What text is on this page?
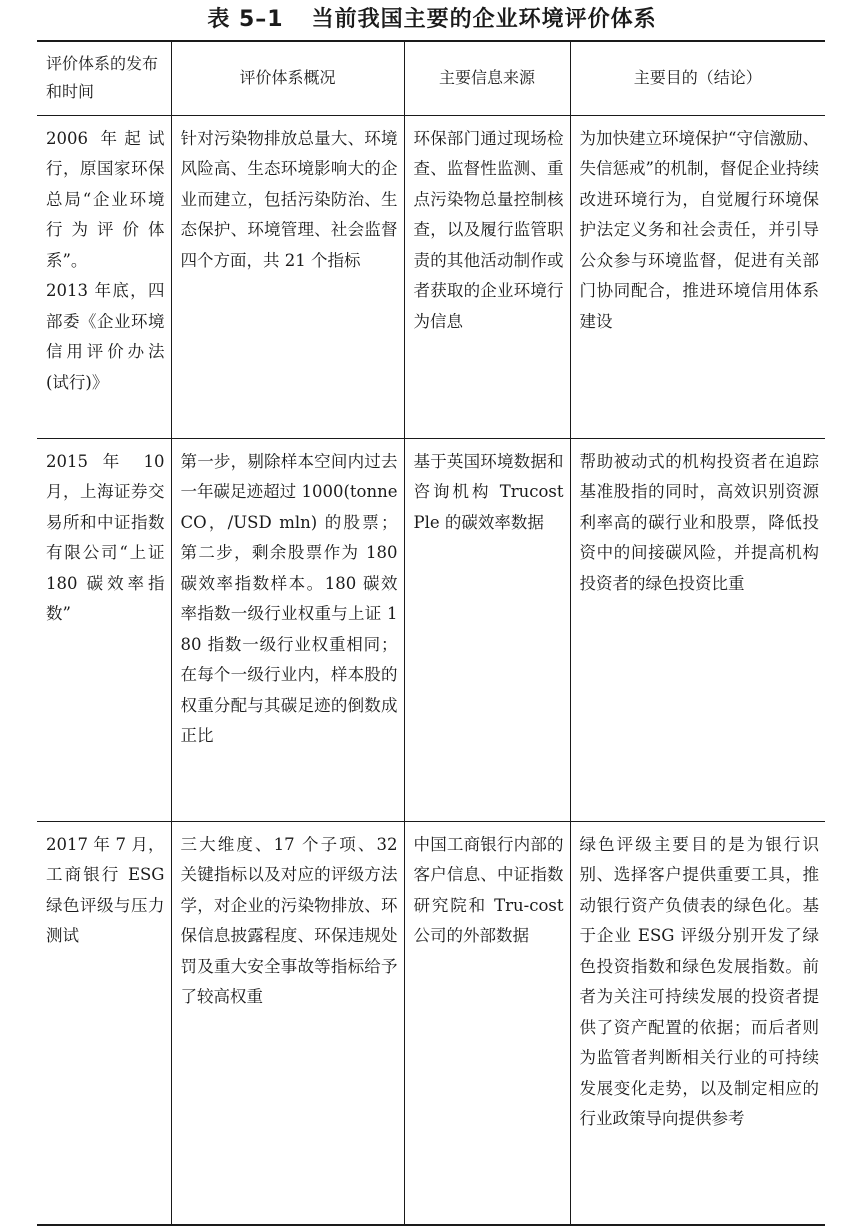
表 5–1 当前我国主要的企业环境评价体系
评价体系的发布和时间	评价体系概况	主要信息来源	主要目的（结论）

2006 年起试行，原国家环保总局“企业环境行为评价体系”。

2013 年底，四部委《企业环境信用评价办法(试行)》	针对污染物排放总量大、环境风险高、生态环境影响大的企业而建立，包括污染防治、生态保护、环境管理、社会监督四个方面，共 21 个指标	环保部门通过现场检查、监督性监测、重点污染物总量控制核查，以及履行监管职责的其他活动制作或者获取的企业环境行为信息	为加快建立环境保护“守信激励、失信惩戒”的机制，督促企业持续改进环境行为，自觉履行环境保护法定义务和社会责任，并引导公众参与环境监督，促进有关部门协同配合，推进环境信用体系建设

2015 年 10 月，上海证券交易所和中证指数有限公司“上证 180 碳效率指数”	第一步，剔除样本空间内过去一年碳足迹超过 1000(tonne CO，/USD mln) 的股票；第二步，剩余股票作为 180 碳效率指数样本。180 碳效率指数一级行业权重与上证 180 指数一级行业权重相同；在每个一级行业内，样本股的权重分配与其碳足迹的倒数成正比	基于英国环境数据和咨询机构 Trucost Ple 的碳效率数据	帮助被动式的机构投资者在追踪基准股指的同时，高效识别资源利率高的碳行业和股票，降低投资中的间接碳风险，并提高机构投资者的绿色投资比重

2017 年 7 月，工商银行 ESG 绿色评级与压力测试	三大维度、17 个子项、32 关键指标以及对应的评级方法学，对企业的污染物排放、环保信息披露程度、环保违规处罚及重大安全事故等指标给予了较高权重	中国工商银行内部的客户信息、中证指数研究院和 Tru-cost 公司的外部数据	绿色评级主要目的是为银行识别、选择客户提供重要工具，推动银行资产负债表的绿色化。基于企业 ESG 评级分别开发了绿色投资指数和绿色发展指数。前者为关注可持续发展的投资者提供了资产配置的依据；而后者则为监管者判断相关行业的可持续发展变化走势，以及制定相应的行业政策导向提供参考
